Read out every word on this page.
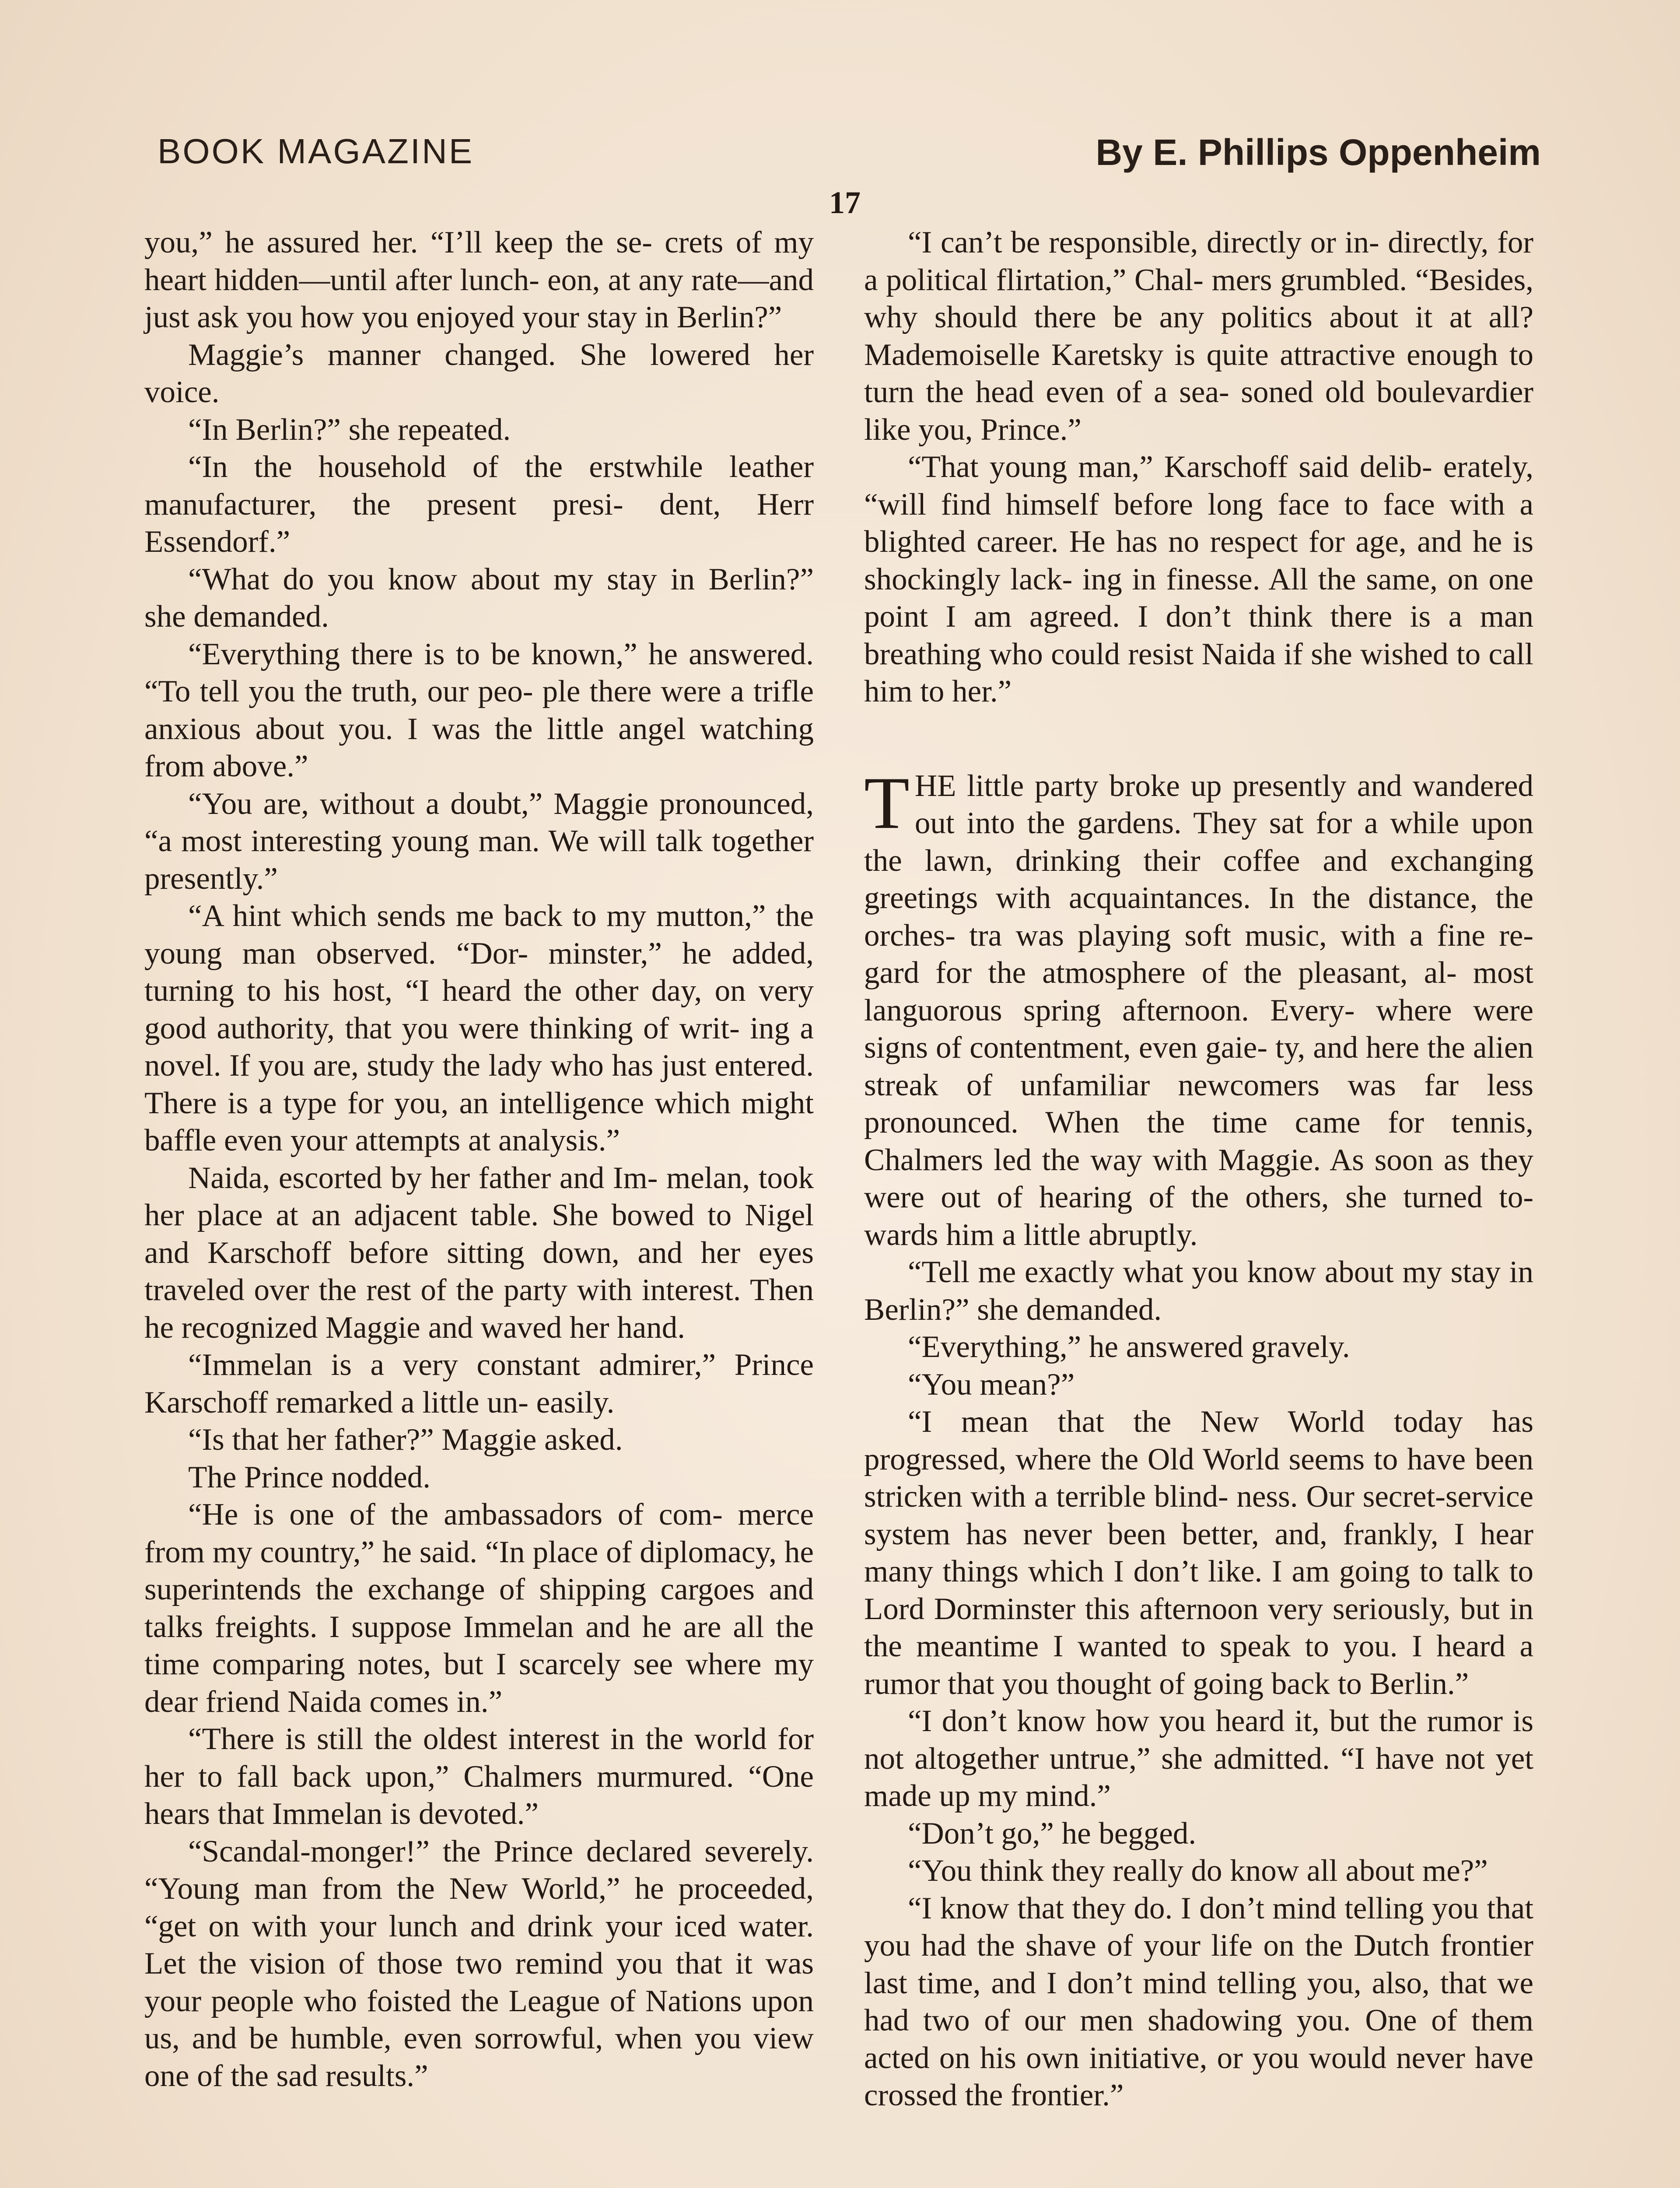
BOOK MAGAZINE	By E. Phillips Oppenheim
17

you,” he assured her. “I’ll keep the se- crets of my heart hidden—until after lunch- eon, at any rate—and just ask you how you enjoyed your stay in Berlin?”

Maggie’s manner changed. She lowered her voice.

“In Berlin?” she repeated.

“In the household of the erstwhile leather manufacturer, the present presi- dent, Herr Essendorf.”

“What do you know about my stay in Berlin?” she demanded.

“Everything there is to be known,” he answered. “To tell you the truth, our peo- ple there were a trifle anxious about you. I was the little angel watching from above.”

“You are, without a doubt,” Maggie pronounced, “a most interesting young man. We will talk together presently.”

“A hint which sends me back to my mutton,” the young man observed. “Dor- minster,” he added, turning to his host, “I heard the other day, on very good authority, that you were thinking of writ- ing a novel. If you are, study the lady who has just entered. There is a type for you, an intelligence which might baffle even your attempts at analysis.”

Naida, escorted by her father and Im- melan, took her place at an adjacent table. She bowed to Nigel and Karschoff before sitting down, and her eyes traveled over the rest of the party with interest. Then he recognized Maggie and waved her hand.

“Immelan is a very constant admirer,” Prince Karschoff remarked a little un- easily.

“Is that her father?” Maggie asked.

The Prince nodded.

“He is one of the ambassadors of com- merce from my country,” he said. “In place of diplomacy, he superintends the exchange of shipping cargoes and talks freights. I suppose Immelan and he are all the time comparing notes, but I scarcely see where my dear friend Naida comes in.”

“There is still the oldest interest in the world for her to fall back upon,” Chalmers murmured. “One hears that Immelan is devoted.”

“Scandal-monger!” the Prince declared severely. “Young man from the New World,” he proceeded, “get on with your lunch and drink your iced water. Let the vision of those two remind you that it was your people who foisted the League of Nations upon us, and be humble, even sorrowful, when you view one of the sad results.”

“I can’t be responsible, directly or in- directly, for a political flirtation,” Chal- mers grumbled. “Besides, why should there be any politics about it at all? Mademoiselle Karetsky is quite attractive enough to turn the head even of a sea- soned old boulevardier like you, Prince.”

“That young man,” Karschoff said delib- erately, “will find himself before long face to face with a blighted career. He has no respect for age, and he is shockingly lack- ing in finesse. All the same, on one point I am agreed. I don’t think there is a man breathing who could resist Naida if she wished to call him to her.”

THE little party broke up presently and wandered out into the gardens. They sat for a while upon the lawn, drinking their coffee and exchanging greetings with acquaintances. In the distance, the orches- tra was playing soft music, with a fine re- gard for the atmosphere of the pleasant, al- most languorous spring afternoon. Every- where were signs of contentment, even gaie- ty, and here the alien streak of unfamiliar newcomers was far less pronounced. When the time came for tennis, Chalmers led the way with Maggie. As soon as they were out of hearing of the others, she turned to- wards him a little abruptly.

“Tell me exactly what you know about my stay in Berlin?” she demanded.

“Everything,” he answered gravely.

“You mean?”

“I mean that the New World today has progressed, where the Old World seems to have been stricken with a terrible blind- ness. Our secret-service system has never been better, and, frankly, I hear many things which I don’t like. I am going to talk to Lord Dorminster this afternoon very seriously, but in the meantime I wanted to speak to you. I heard a rumor that you thought of going back to Berlin.”

“I don’t know how you heard it, but the rumor is not altogether untrue,” she admitted. “I have not yet made up my mind.”

“Don’t go,” he begged.

“You think they really do know all about me?”

“I know that they do. I don’t mind telling you that you had the shave of your life on the Dutch frontier last time, and I don’t mind telling you, also, that we had two of our men shadowing you. One of them acted on his own initiative, or you would never have crossed the frontier.”
